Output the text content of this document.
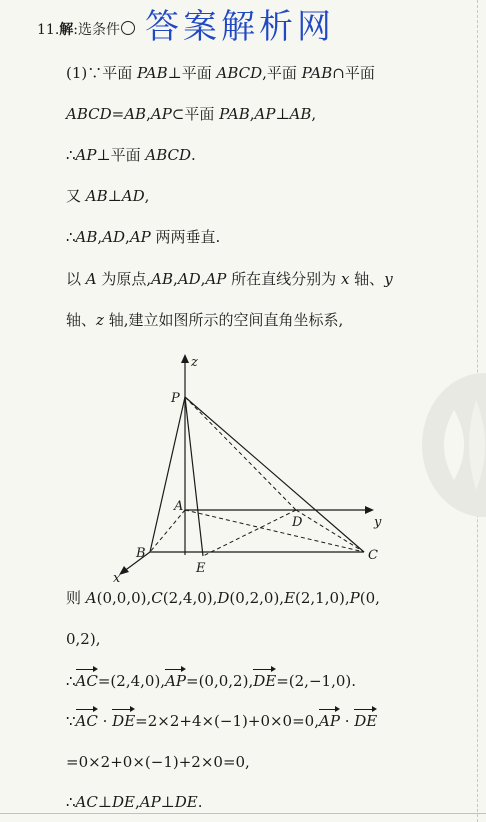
11.解:选条件 答案解析网
(1)∵平面 PAB⊥平面 ABCD,平面 PAB∩平面
ABCD=AB,AP⊂平面 PAB,AP⊥AB,
∴AP⊥平面 ABCD.
又 AB⊥AD,
∴AB,AD,AP 两两垂直.
以 A 为原点,AB,AD,AP 所在直线分别为 x 轴、y
轴、z 轴,建立如图所示的空间直角坐标系,
z
y
x
P
A
D
B
E
C
则 A(0,0,0),C(2,4,0),D(0,2,0),E(2,1,0),P(0,
0,2),
∴AC=(2,4,0),AP=(0,0,2),DE=(2,−1,0).
∵AC · DE=2×2+4×(−1)+0×0=0,AP · DE
=0×2+0×(−1)+2×0=0,
∴AC⊥DE,AP⊥DE.
